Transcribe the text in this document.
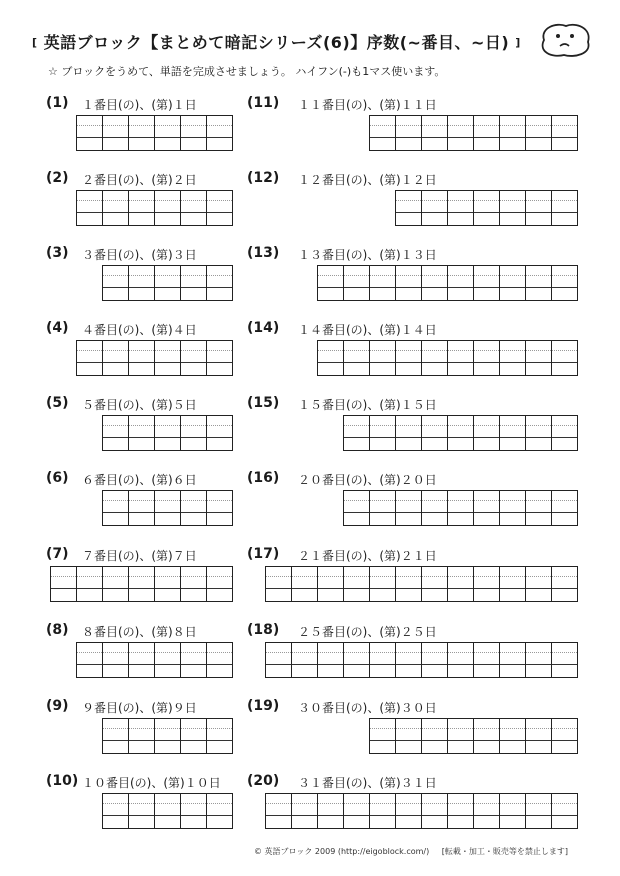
[ 英語ブロック【まとめて暗記シリーズ(6)】序数(~番目、~日) ]
☆ ブロックをうめて、単語を完成させましょう。 ハイフン(-)も1マス使います。
(1) １番目(の)、(第)１日
(2) ２番目(の)、(第)２日
(3) ３番目(の)、(第)３日
(4) ４番目(の)、(第)４日
(5) ５番目(の)、(第)５日
(6) ６番目(の)、(第)６日
(7) ７番目(の)、(第)７日
(8) ８番目(の)、(第)８日
(9) ９番目(の)、(第)９日
(10) １０番目(の)、(第)１０日
(11) １１番目(の)、(第)１１日
(12) １２番目(の)、(第)１２日
(13) １３番目(の)、(第)１３日
(14) １４番目(の)、(第)１４日
(15) １５番目(の)、(第)１５日
(16) ２０番目(の)、(第)２０日
(17) ２１番目(の)、(第)２１日
(18) ２５番目(の)、(第)２５日
(19) ３０番目(の)、(第)３０日
(20) ３１番目(の)、(第)３１日
© 英語ブロック 2009 (http://eigoblock.com/) [転載・加工・販売等を禁止します]
